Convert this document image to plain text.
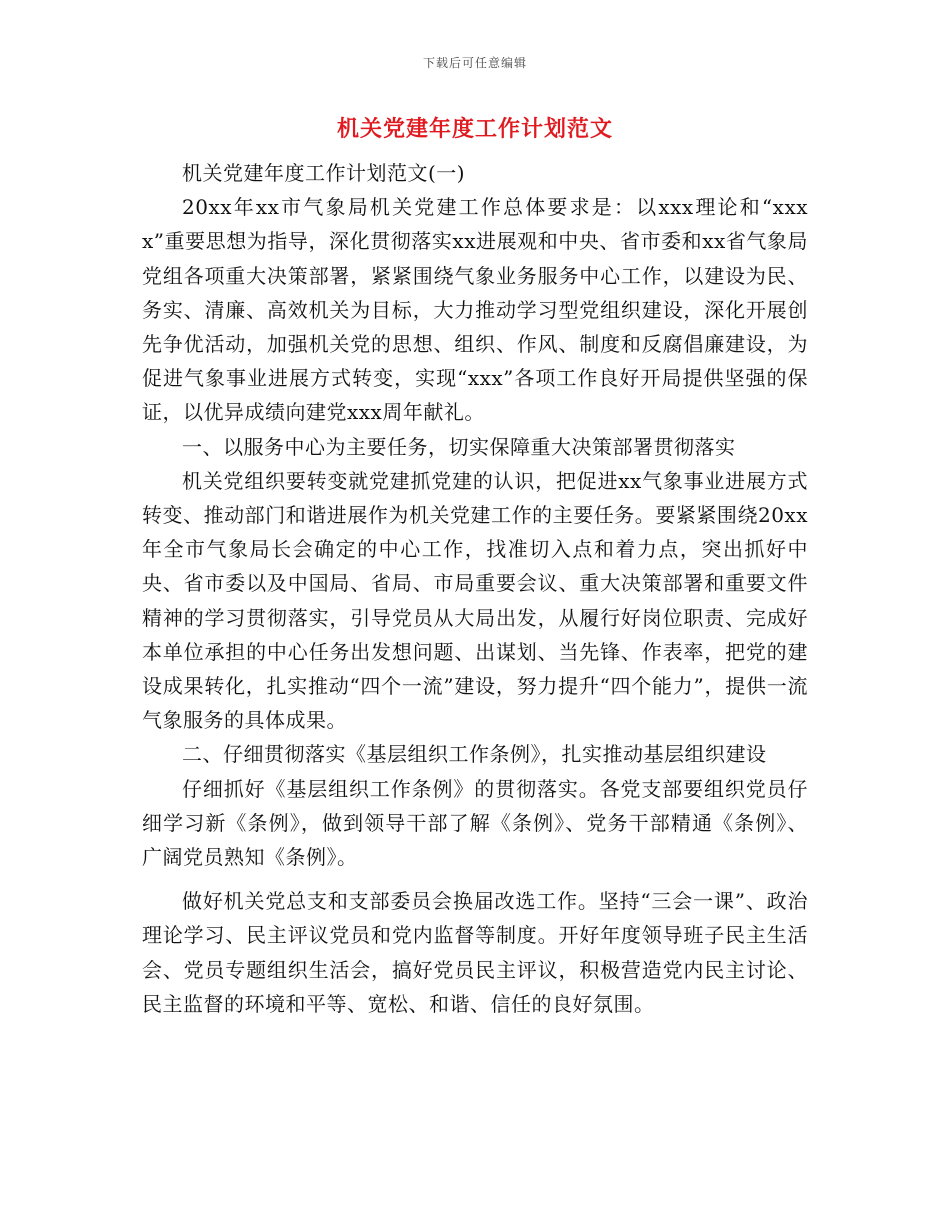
下载后可任意编辑
机关党建年度工作计划范文

机关党建年度工作计划范文(一)

20xx年xx市气象局机关党建工作总体要求是：以xxx理论和“xxxx”重要思想为指导，深化贯彻落实xx进展观和中央、省市委和xx省气象局党组各项重大决策部署，紧紧围绕气象业务服务中心工作，以建设为民、务实、清廉、高效机关为目标，大力推动学习型党组织建设，深化开展创先争优活动，加强机关党的思想、组织、作风、制度和反腐倡廉建设，为促进气象事业进展方式转变，实现“xxx”各项工作良好开局提供坚强的保证，以优异成绩向建党xxx周年献礼。

一、以服务中心为主要任务，切实保障重大决策部署贯彻落实

机关党组织要转变就党建抓党建的认识，把促进xx气象事业进展方式转变、推动部门和谐进展作为机关党建工作的主要任务。要紧紧围绕20xx年全市气象局长会确定的中心工作，找准切入点和着力点，突出抓好中央、省市委以及中国局、省局、市局重要会议、重大决策部署和重要文件精神的学习贯彻落实，引导党员从大局出发，从履行好岗位职责、完成好本单位承担的中心任务出发想问题、出谋划、当先锋、作表率，把党的建设成果转化，扎实推动“四个一流”建设，努力提升“四个能力”，提供一流气象服务的具体成果。

二、仔细贯彻落实《基层组织工作条例》，扎实推动基层组织建设

仔细抓好《基层组织工作条例》的贯彻落实。各党支部要组织党员仔细学习新《条例》，做到领导干部了解《条例》、党务干部精通《条例》、广阔党员熟知《条例》。

做好机关党总支和支部委员会换届改选工作。坚持“三会一课”、政治理论学习、民主评议党员和党内监督等制度。开好年度领导班子民主生活会、党员专题组织生活会，搞好党员民主评议，积极营造党内民主讨论、民主监督的环境和平等、宽松、和谐、信任的良好氛围。
